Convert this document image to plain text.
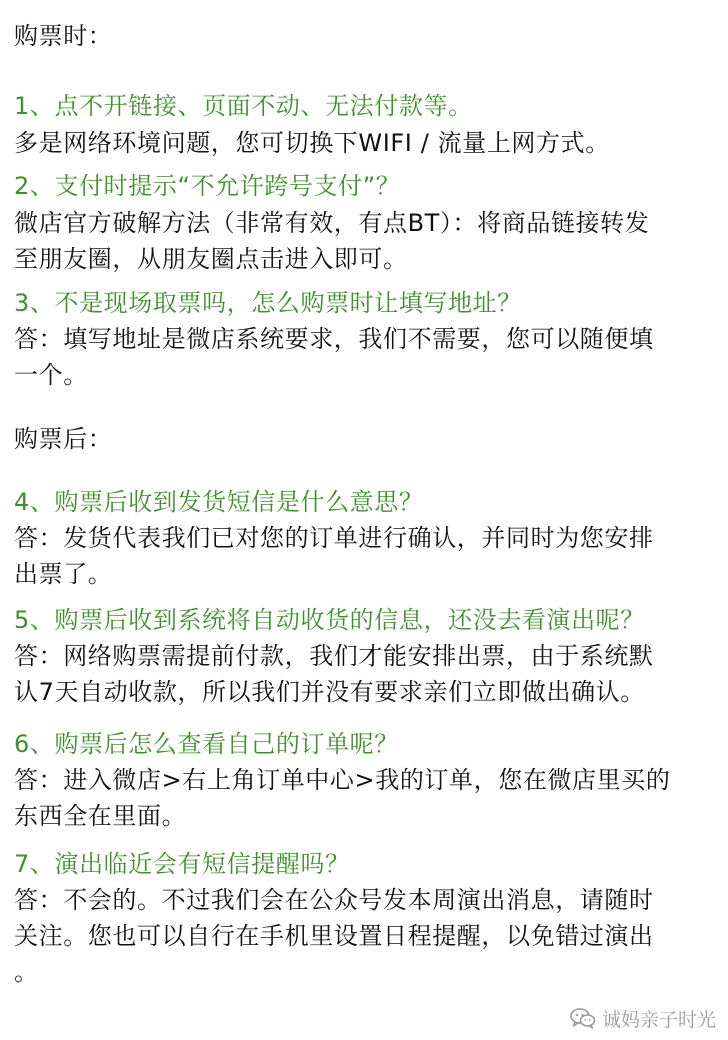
购票时：
1、点不开链接、页面不动、无法付款等。
多是网络环境问题，您可切换下WIFI / 流量上网方式。
2、支付时提示“不允许跨号支付”？
微店官方破解方法（非常有效，有点BT）：将商品链接转发
至朋友圈，从朋友圈点击进入即可。
3、不是现场取票吗，怎么购票时让填写地址？
答：填写地址是微店系统要求，我们不需要，您可以随便填
一个。
购票后：
4、购票后收到发货短信是什么意思？
答：发货代表我们已对您的订单进行确认，并同时为您安排
出票了。
5、购票后收到系统将自动收货的信息，还没去看演出呢？
答：网络购票需提前付款，我们才能安排出票，由于系统默
认7天自动收款，所以我们并没有要求亲们立即做出确认。
6、购票后怎么查看自己的订单呢？
答：进入微店>右上角订单中心>我的订单，您在微店里买的
东西全在里面。
7、演出临近会有短信提醒吗？
答：不会的。不过我们会在公众号发本周演出消息，请随时
关注。您也可以自行在手机里设置日程提醒，以免错过演出
。
诚妈亲子时光
